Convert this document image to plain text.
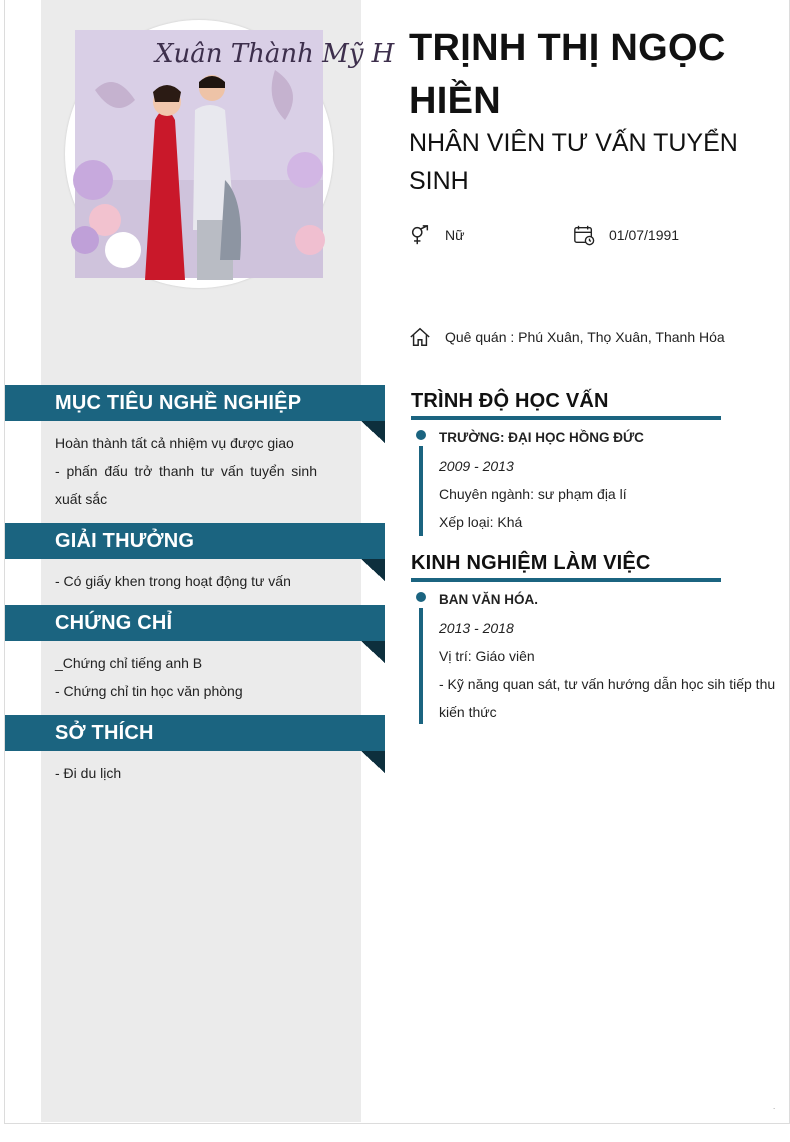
Xuân Thành Mỹ H TRỊNH THỊ NGỌC HIỀN
NHÂN VIÊN TƯ VẤN TUYỂN SINH
Nữ	01/07/1991
Quê quán : Phú Xuân, Thọ Xuân, Thanh Hóa
MỤC TIÊU NGHỀ NGHIỆP
Hoàn thành tất cả nhiệm vụ được giao
- phấn đấu trở thanh tư vấn tuyển sinh xuất sắc
GIẢI THƯỞNG
- Có giấy khen trong hoạt động tư vấn
CHỨNG CHỈ
_Chứng chỉ tiếng anh B
- Chứng chỉ tin học văn phòng
SỞ THÍCH
- Đi du lịch
TRÌNH ĐỘ HỌC VẤN
TRƯỜNG: ĐẠI HỌC HỒNG ĐỨC
2009 - 2013
Chuyên ngành: sư phạm địa lí
Xếp loại: Khá
KINH NGHIỆM LÀM VIỆC
BAN VĂN HÓA.
2013 - 2018
Vị trí: Giáo viên
- Kỹ năng quan sát, tư vấn hướng dẫn học sih tiếp thu kiến thức
.
